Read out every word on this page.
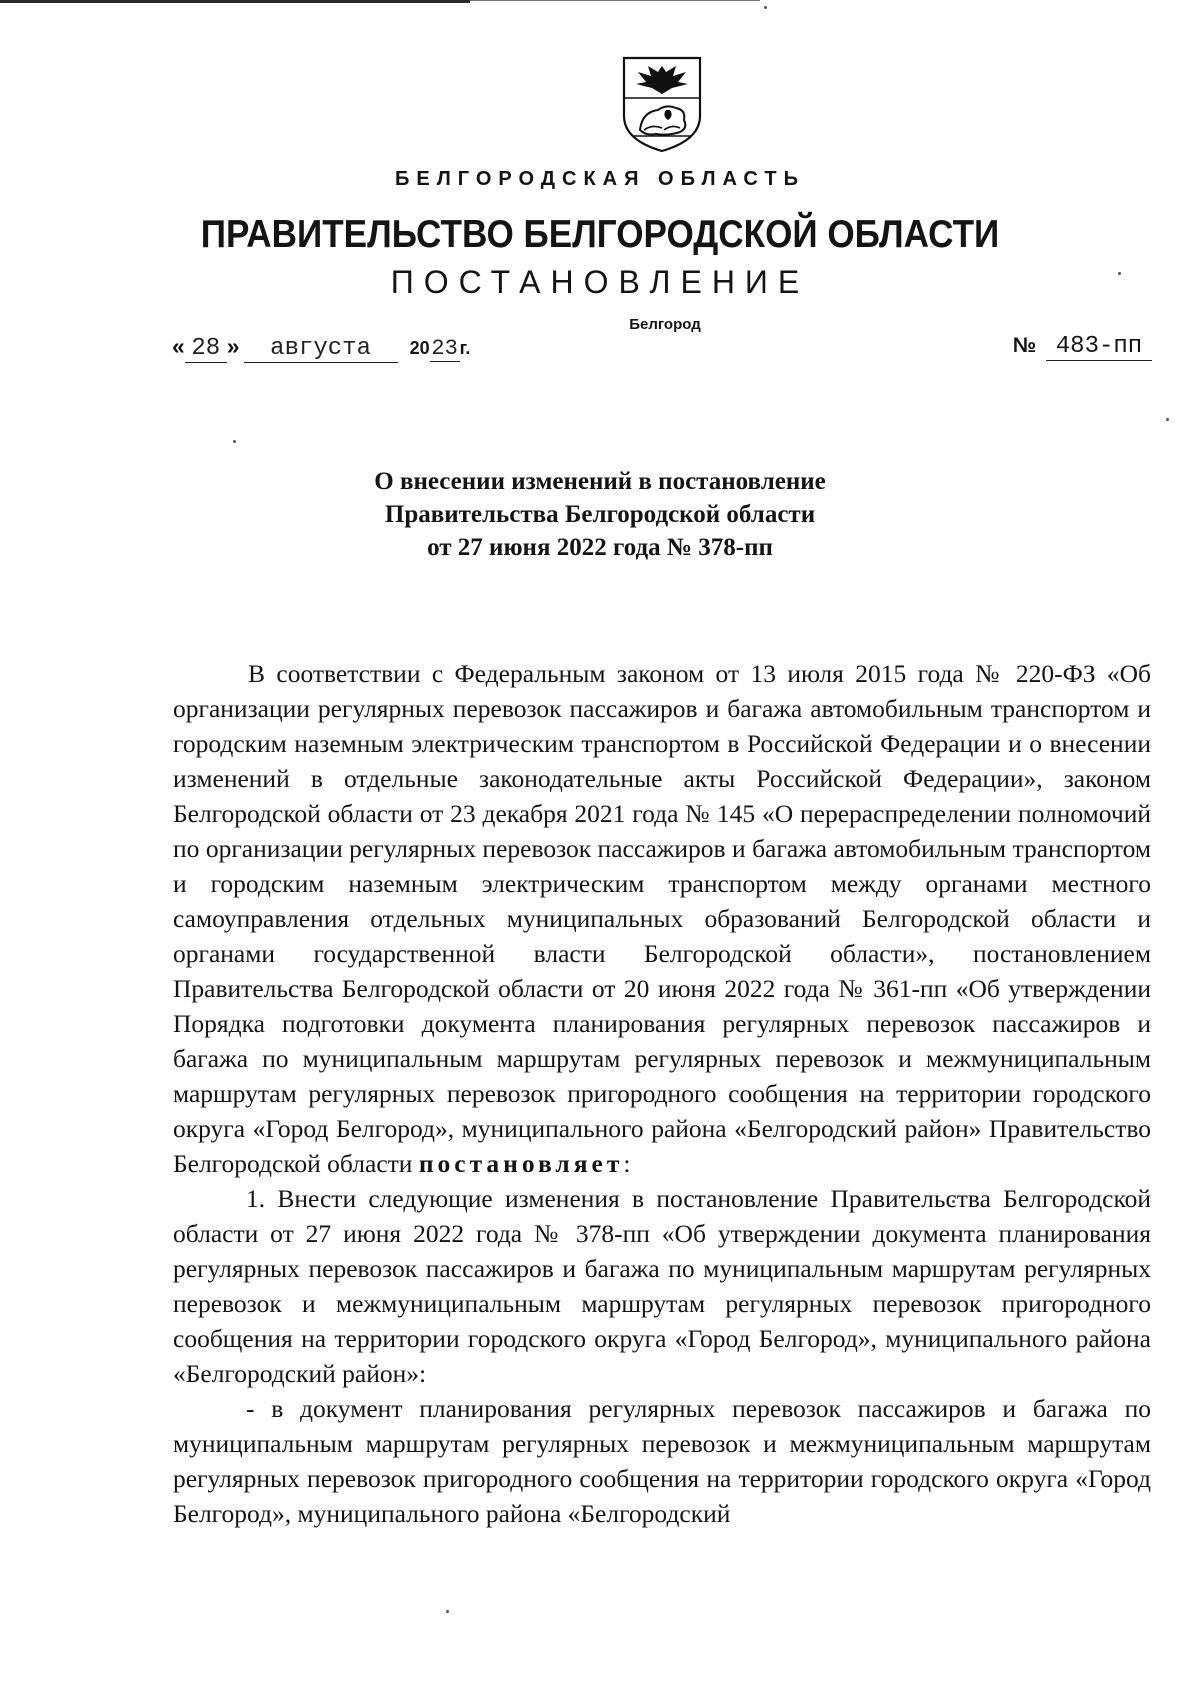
БЕЛГОРОДСКАЯ ОБЛАСТЬ
ПРАВИТЕЛЬСТВО БЕЛГОРОДСКОЙ ОБЛАСТИ
ПОСТАНОВЛЕНИЕ
Белгород
« 28 » августа 2023г.	№ 483-пп
О внесении изменений в постановление
Правительства Белгородской области
от 27 июня 2022 года № 378-пп

В соответствии с Федеральным законом от 13 июля 2015 года № 220-ФЗ «Об организации регулярных перевозок пассажиров и багажа автомобильным транспортом и городским наземным электрическим транспортом в Российской Федерации и о внесении изменений в отдельные законодательные акты Российской Федерации», законом Белгородской области от 23 декабря 2021 года № 145 «О перераспределении полномочий по организации регулярных перевозок пассажиров и багажа автомобильным транспортом и городским наземным электрическим транспортом между органами местного самоуправления отдельных муниципальных образований Белгородской области и органами государственной власти Белгородской области», постановлением Правительства Белгородской области от 20 июня 2022 года № 361-пп «Об утверждении Порядка подготовки документа планирования регулярных перевозок пассажиров и багажа по муниципальным маршрутам регулярных перевозок и межмуниципальным маршрутам регулярных перевозок пригородного сообщения на территории городского округа «Город Белгород», муниципального района «Белгородский район» Правительство Белгородской области постановляет:

1. Внести следующие изменения в постановление Правительства Белгородской области от 27 июня 2022 года № 378-пп «Об утверждении документа планирования регулярных перевозок пассажиров и багажа по муниципальным маршрутам регулярных перевозок и межмуниципальным маршрутам регулярных перевозок пригородного сообщения на территории городского округа «Город Белгород», муниципального района «Белгородский район»:

- в документ планирования регулярных перевозок пассажиров и багажа по муниципальным маршрутам регулярных перевозок и межмуниципальным маршрутам регулярных перевозок пригородного сообщения на территории городского округа «Город Белгород», муниципального района «Белгородский
